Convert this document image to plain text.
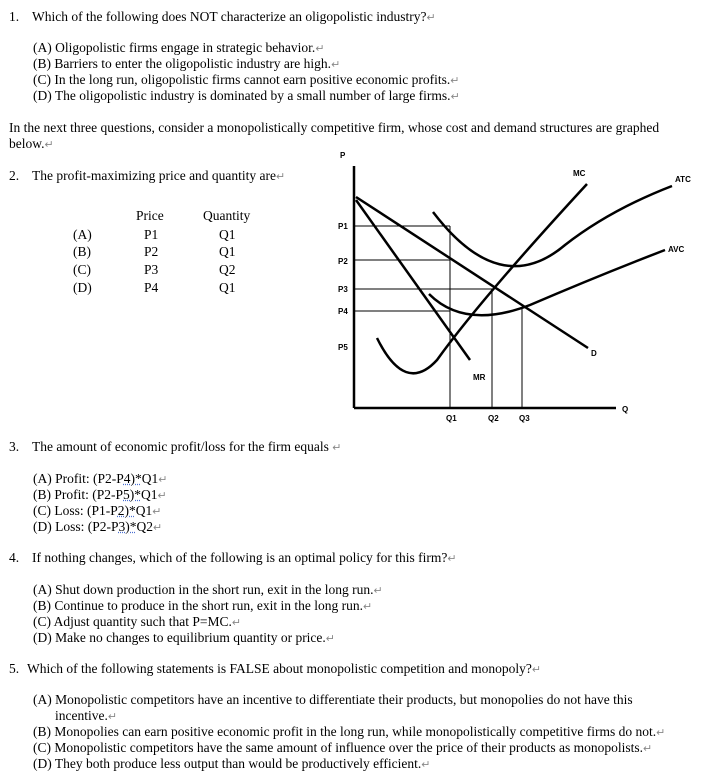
1. Which of the following does NOT characterize an oligopolistic industry?↵
(A) Oligopolistic firms engage in strategic behavior.↵
(B) Barriers to enter the oligopolistic industry are high.↵
(C) In the long run, oligopolistic firms cannot earn positive economic profits.↵
(D) The oligopolistic industry is dominated by a small number of large firms.↵
In the next three questions, consider a monopolistically competitive firm, whose cost and demand structures are graphed
below.↵
2. The profit-maximizing price and quantity are↵
Price	Quantity
(A)	P1	Q1
(B)	P2	Q1
(C)	P3	Q2
(D)	P4	Q1
P
Q
P1
P2
P3
P4
P5
Q1	Q2	Q3
D
MR
ATC
AVC
MC
3. The amount of economic profit/loss for the firm equals ↵
(A) Profit: (P2-P4)*Q1↵
(B) Profit: (P2-P5)*Q1↵
(C) Loss: (P1-P2)*Q1↵
(D) Loss: (P2-P3)*Q2↵
4. If nothing changes, which of the following is an optimal policy for this firm?↵
(A) Shut down production in the short run, exit in the long run.↵
(B) Continue to produce in the short run, exit in the long run.↵
(C) Adjust quantity such that P=MC.↵
(D) Make no changes to equilibrium quantity or price.↵
5. Which of the following statements is FALSE about monopolistic competition and monopoly?↵
(A) Monopolistic competitors have an incentive to differentiate their products, but monopolies do not have this
incentive.↵
(B) Monopolies can earn positive economic profit in the long run, while monopolistically competitive firms do not.↵
(C) Monopolistic competitors have the same amount of influence over the price of their products as monopolists.↵
(D) They both produce less output than would be productively efficient.↵
